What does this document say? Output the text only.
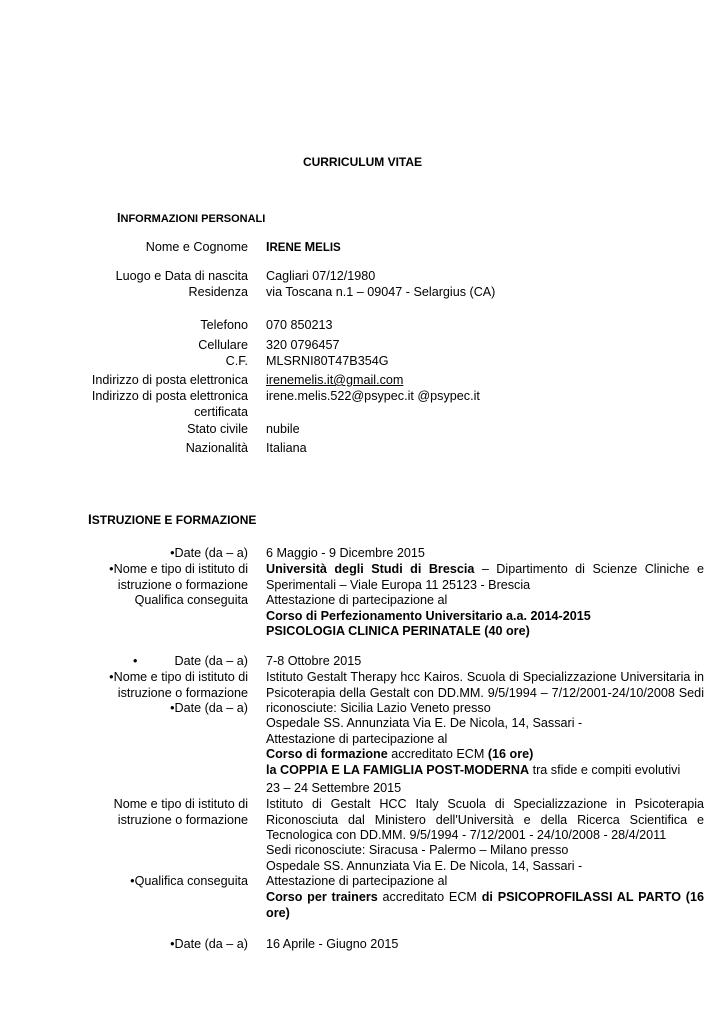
CURRICULUM VITAE
INFORMAZIONI PERSONALI
Nome e Cognome IRENE MELIS
Luogo e Data di nascita Cagliari 07/12/1980
Residenza via Toscana n.1 – 09047 - Selargius (CA)
Telefono 070 850213
Cellulare 320 0796457
C.F. MLSRNI80T47B354G
Indirizzo di posta elettronica irenemelis.it@gmail.com
Indirizzo di posta elettronica
certificata
irene.melis.522@psypec.it @psypec.it
Stato civile nubile
Nazionalità Italiana
ISTRUZIONE E FORMAZIONE
• Date (da – a) 6 Maggio - 9 Dicembre 2015
• Nome e tipo di istituto di
istruzione o formazione
Università degli Studi di Brescia – Dipartimento di Scienze Cliniche e Sperimentali – Viale Europa 11 25123 - Brescia
Qualifica conseguita Attestazione di partecipazione al
Corso di Perfezionamento Universitario a.a. 2014-2015
PSICOLOGIA CLINICA PERINATALE (40 ore)
•	Date (da – a) 7-8 Ottobre 2015
• Nome e tipo di istituto di
istruzione o formazione
• Date (da – a)
Istituto Gestalt Therapy hcc Kairos. Scuola di Specializzazione Universitaria in Psicoterapia della Gestalt con DD.MM. 9/5/1994 – 7/12/2001-24/10/2008 Sedi riconosciute: Sicilia Lazio Veneto presso
Ospedale SS. Annunziata Via E. De Nicola, 14, Sassari -
Attestazione di partecipazione al
Corso di formazione accreditato ECM (16 ore)
la COPPIA E LA FAMIGLIA POST-MODERNA tra sfide e compiti evolutivi
23 – 24 Settembre 2015
Nome e tipo di istituto di
istruzione o formazione
Istituto di Gestalt HCC Italy Scuola di Specializzazione in Psicoterapia Riconosciuta dal Ministero dell'Università e della Ricerca Scientifica e Tecnologica con DD.MM. 9/5/1994 - 7/12/2001 - 24/10/2008 - 28/4/2011
Sedi riconosciute: Siracusa - Palermo – Milano presso
Ospedale SS. Annunziata Via E. De Nicola, 14, Sassari -
Attestazione di partecipazione al
• Qualifica conseguita
Corso per trainers accreditato ECM di PSICOPROFILASSI AL PARTO (16 ore)
• Date (da – a) 16 Aprile - Giugno 2015
